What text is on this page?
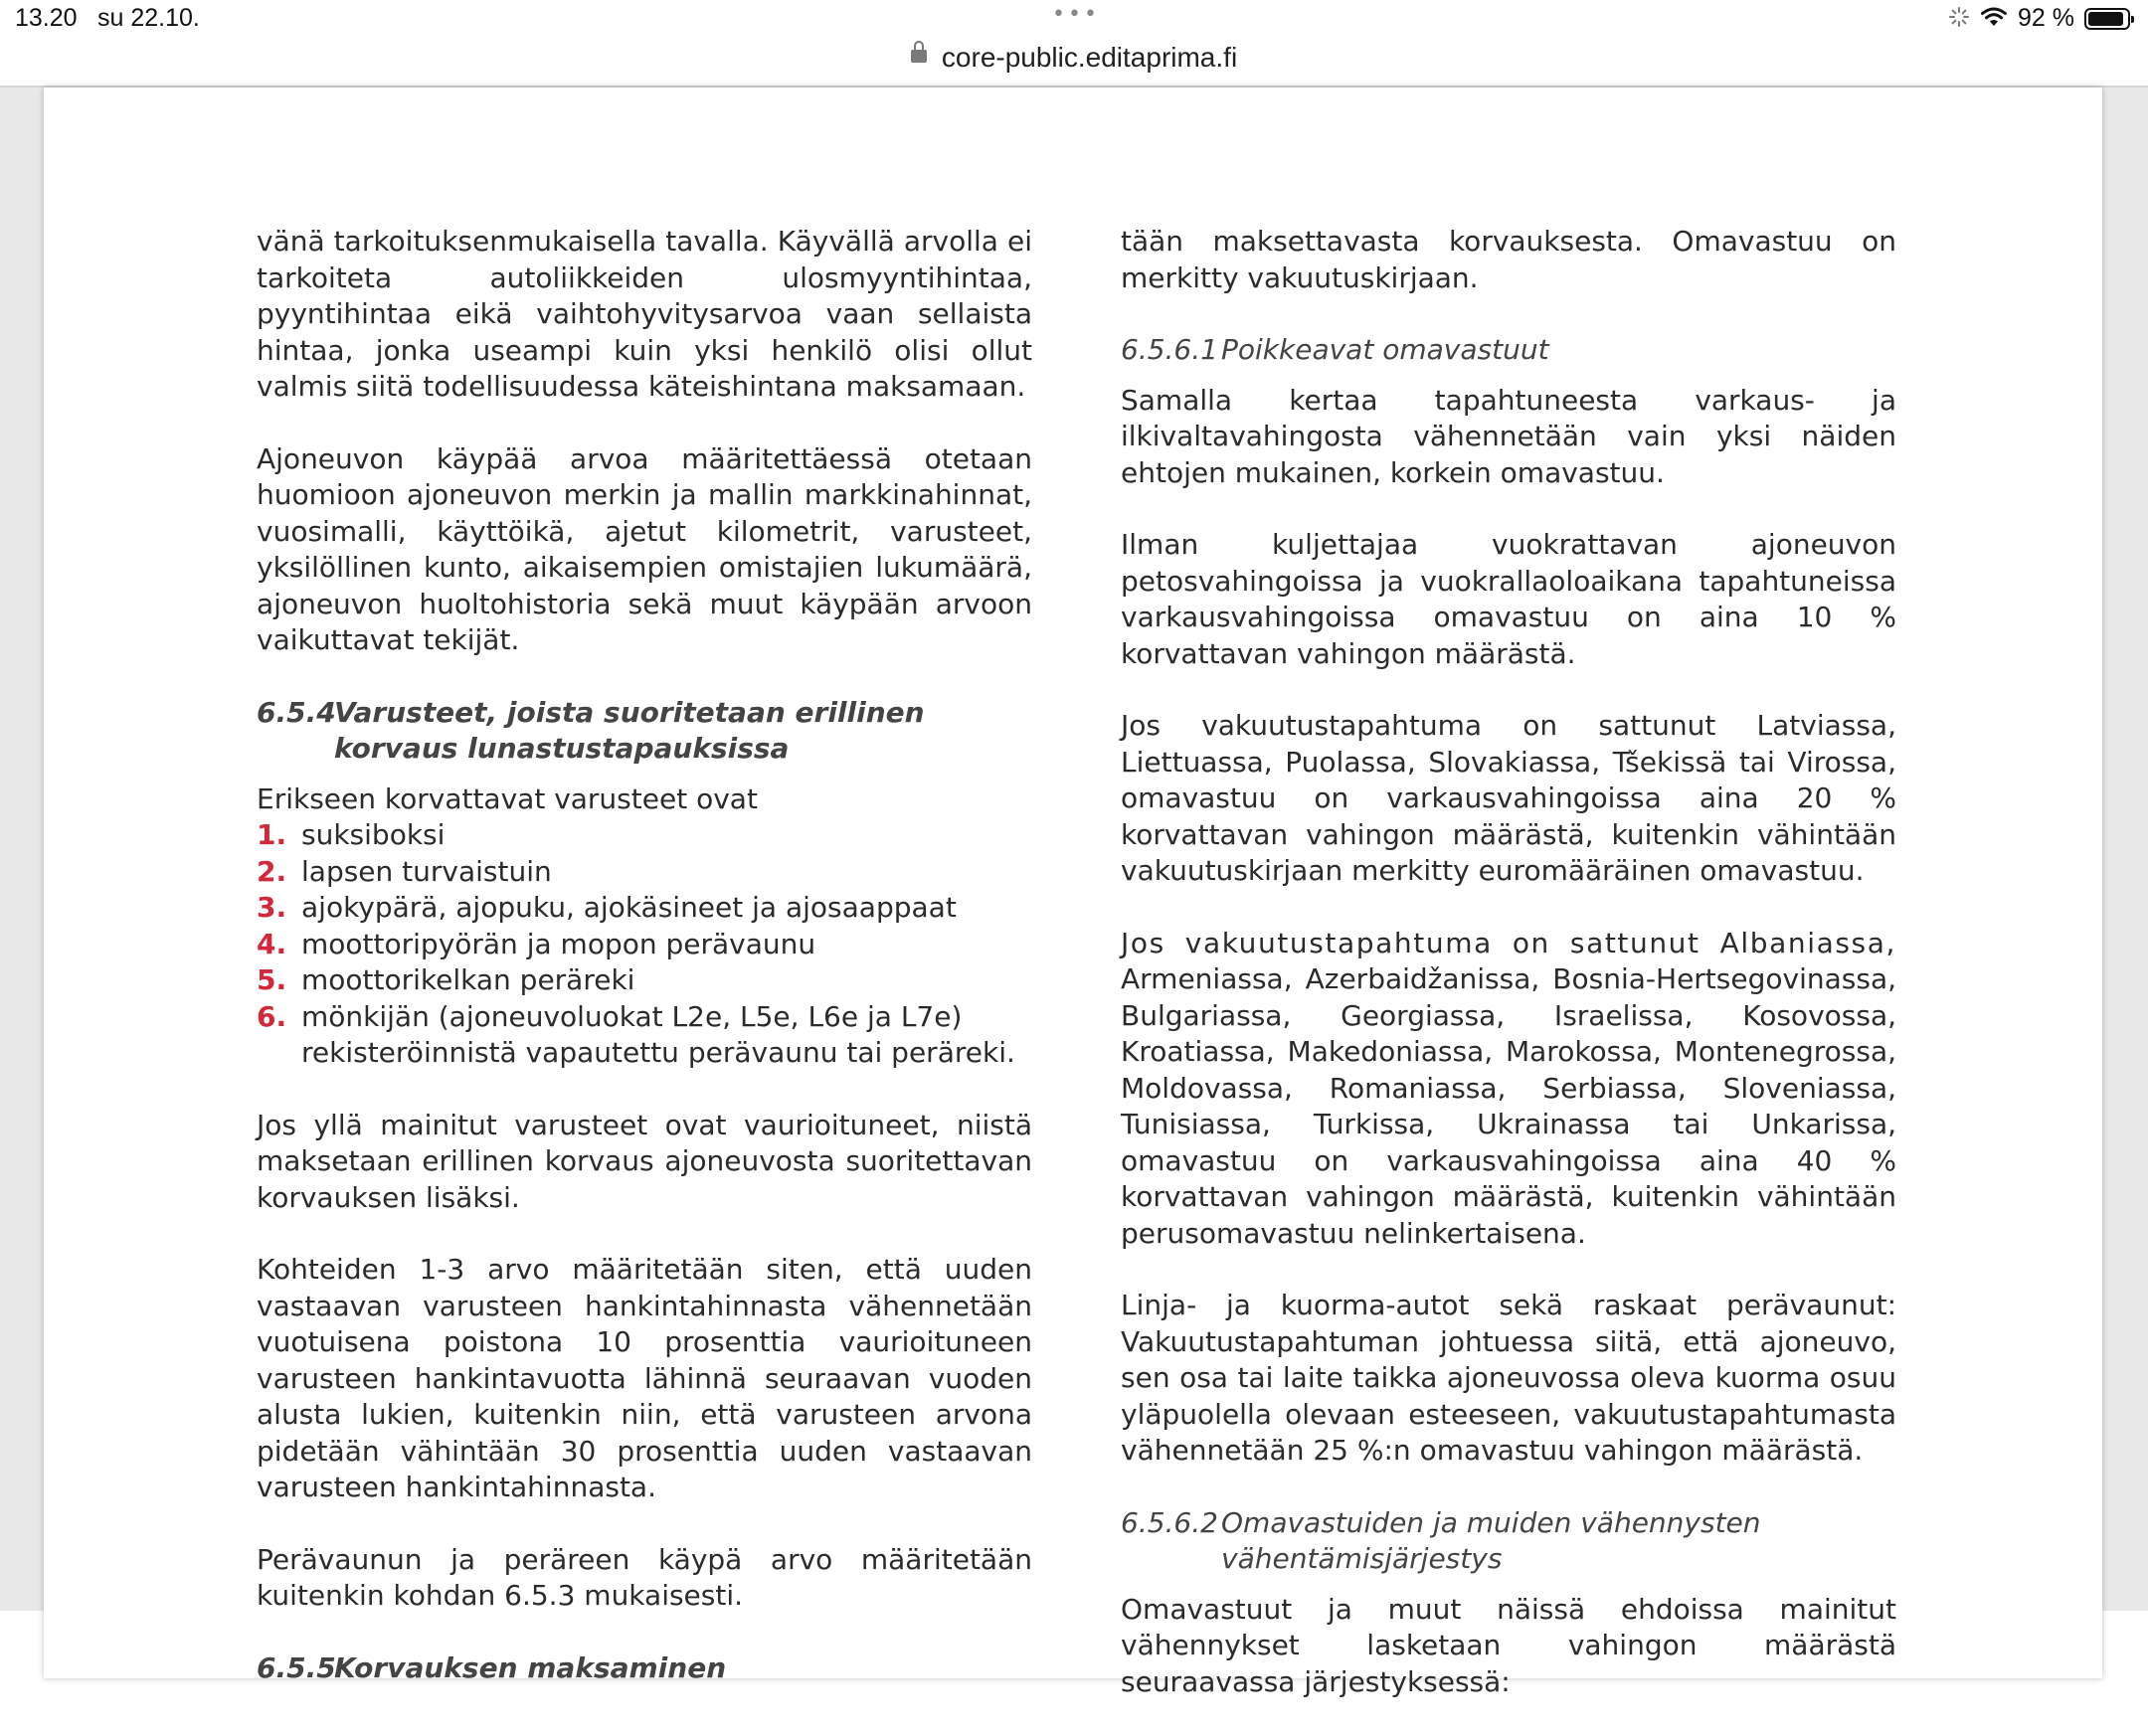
13.20 su 22.10.	•••	92 %
core-public.editaprima.fi

vänä tarkoituksenmukaisella tavalla. Käyvällä arvolla ei tarkoiteta autoliikkeiden ulosmyyntihintaa, pyyntihintaa eikä vaihtohyvitysarvoa vaan sellaista hintaa, jonka useampi kuin yksi henkilö olisi ollut valmis siitä todellisuudessa käteishintana maksamaan.

Ajoneuvon käypää arvoa määritettäessä otetaan huomioon ajoneuvon merkin ja mallin markkinahinnat, vuosimalli, käyttöikä, ajetut kilometrit, varusteet, yksilöllinen kunto, aikaisempien omistajien lukumäärä, ajoneuvon huoltohistoria sekä muut käypään arvoon vaikuttavat tekijät.

6.5.4
Varusteet, joista suoritetaan erillinen korvaus lunastustapauksissa
Erikseen korvattavat varusteet ovat
1. suksiboksi
2. lapsen turvaistuin
3. ajokypärä, ajopuku, ajokäsineet ja ajosaappaat
4. moottoripyörän ja mopon perävaunu
5. moottorikelkan peräreki
6. mönkijän (ajoneuvoluokat L2e, L5e, L6e ja L7e) rekisteröinnistä vapautettu perävaunu tai peräreki.

Jos yllä mainitut varusteet ovat vaurioituneet, niistä maksetaan erillinen korvaus ajoneuvosta suoritettavan korvauksen lisäksi.

Kohteiden 1-3 arvo määritetään siten, että uuden vastaavan varusteen hankintahinnasta vähennetään vuotuisena poistona 10 prosenttia vaurioituneen varusteen hankintavuotta lähinnä seuraavan vuoden alusta lukien, kuitenkin niin, että varusteen arvona pidetään vähintään 30 prosenttia uuden vastaavan varusteen hankintahinnasta.

Perävaunun ja peräreen käypä arvo määritetään kuitenkin kohdan 6.5.3 mukaisesti.

6.5.5
Korvauksen maksaminen

tään maksettavasta korvauksesta. Omavastuu on merkitty vakuutuskirjaan.

6.5.6.1 Poikkeavat omavastuut

Samalla kertaa tapahtuneesta varkaus- ja ilkivaltavahingosta vähennetään vain yksi näiden ehtojen mukainen, korkein omavastuu.

Ilman kuljettajaa vuokrattavan ajoneuvon petosvahingoissa ja vuokrallaoloaikana tapahtuneissa varkausvahingoissa omavastuu on aina 10 % korvattavan vahingon määrästä.

Jos vakuutustapahtuma on sattunut Latviassa, Liettuassa, Puolassa, Slovakiassa, Tšekissä tai Virossa, omavastuu on varkausvahingoissa aina 20 % korvattavan vahingon määrästä, kuitenkin vähintään vakuutuskirjaan merkitty euromääräinen omavastuu.

Jos vakuutustapahtuma on sattunut Albaniassa, Armeniassa, Azerbaidžanissa, Bosnia-Hertsegovinassa, Bulgariassa, Georgiassa, Israelissa, Kosovossa, Kroatiassa, Makedoniassa, Marokossa, Montenegrossa, Moldovassa, Romaniassa, Serbiassa, Sloveniassa, Tunisiassa, Turkissa, Ukrainassa tai Unkarissa, omavastuu on varkausvahingoissa aina 40 % korvattavan vahingon määrästä, kuitenkin vähintään perusomavastuu nelinkertaisena.

Linja- ja kuorma-autot sekä raskaat perävaunut: Vakuutustapahtuman johtuessa siitä, että ajoneuvo, sen osa tai laite taikka ajoneuvossa oleva kuorma osuu yläpuolella olevaan esteeseen, vakuutustapahtumasta vähennetään 25 %:n omavastuu vahingon määrästä.

6.5.6.2 Omavastuiden ja muiden vähennysten vähentämisjärjestys

Omavastuut ja muut näissä ehdoissa mainitut vähennykset lasketaan vahingon määrästä seuraavassa järjestyksessä:
